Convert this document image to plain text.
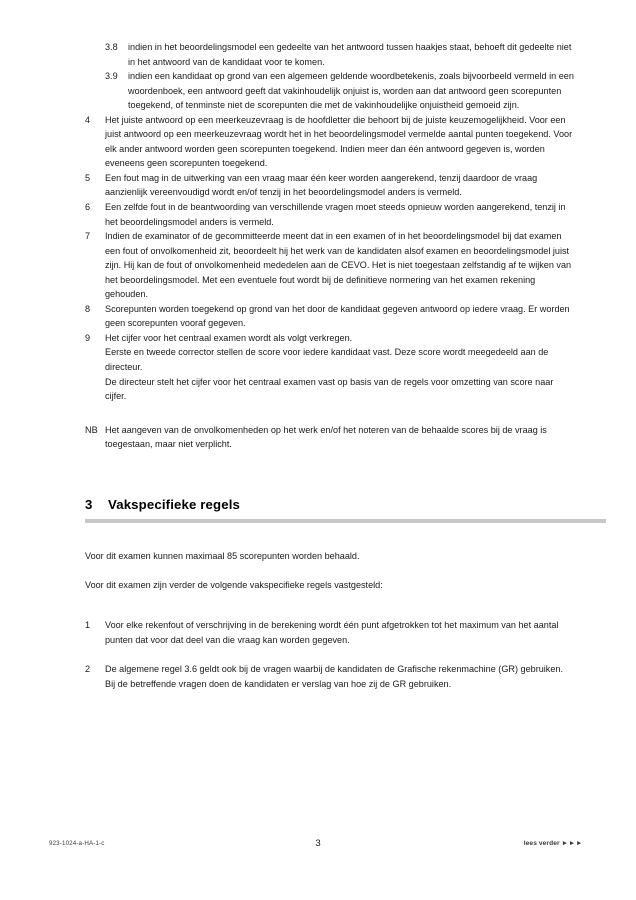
3.8	indien in het beoordelingsmodel een gedeelte van het antwoord tussen haakjes staat, behoeft dit gedeelte niet in het antwoord van de kandidaat voor te komen.
3.9	indien een kandidaat op grond van een algemeen geldende woordbetekenis, zoals bijvoorbeeld vermeld in een woordenboek, een antwoord geeft dat vakinhoudelijk onjuist is, worden aan dat antwoord geen scorepunten toegekend, of tenminste niet de scorepunten die met de vakinhoudelijke onjuistheid gemoeid zijn.
4	Het juiste antwoord op een meerkeuzevraag is de hoofdletter die behoort bij de juiste keuzemogelijkheid. Voor een juist antwoord op een meerkeuzevraag wordt het in het beoordelingsmodel vermelde aantal punten toegekend. Voor elk ander antwoord worden geen scorepunten toegekend. Indien meer dan één antwoord gegeven is, worden eveneens geen scorepunten toegekend.
5	Een fout mag in de uitwerking van een vraag maar één keer worden aangerekend, tenzij daardoor de vraag aanzienlijk vereenvoudigd wordt en/of tenzij in het beoordelingsmodel anders is vermeld.
6	Een zelfde fout in de beantwoording van verschillende vragen moet steeds opnieuw worden aangerekend, tenzij in het beoordelingsmodel anders is vermeld.
7	Indien de examinator of de gecommitteerde meent dat in een examen of in het beoordelingsmodel bij dat examen een fout of onvolkomenheid zit, beoordeelt hij het werk van de kandidaten alsof examen en beoordelingsmodel juist zijn. Hij kan de fout of onvolkomenheid mededelen aan de CEVO. Het is niet toegestaan zelfstandig af te wijken van het beoordelingsmodel. Met een eventuele fout wordt bij de definitieve normering van het examen rekening gehouden.
8	Scorepunten worden toegekend op grond van het door de kandidaat gegeven antwoord op iedere vraag. Er worden geen scorepunten vooraf gegeven.
9	Het cijfer voor het centraal examen wordt als volgt verkregen.

Eerste en tweede corrector stellen de score voor iedere kandidaat vast. Deze score wordt meegedeeld aan de directeur.

De directeur stelt het cijfer voor het centraal examen vast op basis van de regels voor omzetting van score naar cijfer.

NB Het aangeven van de onvolkomenheden op het werk en/of het noteren van de behaalde scores bij de vraag is toegestaan, maar niet verplicht.
3	Vakspecifieke regels

Voor dit examen kunnen maximaal 85 scorepunten worden behaald.

Voor dit examen zijn verder de volgende vakspecifieke regels vastgesteld:

1	Voor elke rekenfout of verschrijving in de berekening wordt één punt afgetrokken tot het maximum van het aantal punten dat voor dat deel van die vraag kan worden gegeven.
2	De algemene regel 3.6 geldt ook bij de vragen waarbij de kandidaten de Grafische rekenmachine (GR) gebruiken. Bij de betreffende vragen doen de kandidaten er verslag van hoe zij de GR gebruiken.
923-1024-a-HA-1-c	3	lees verder ►►►
